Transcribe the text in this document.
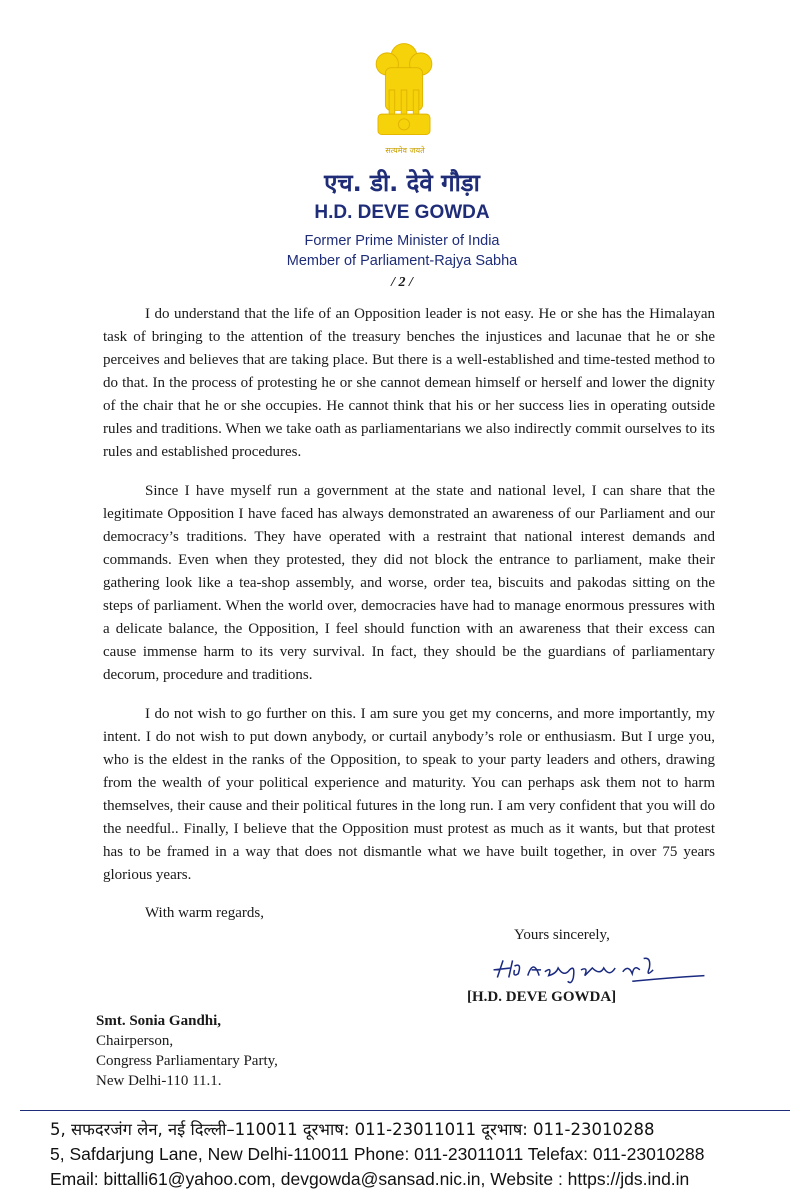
सत्यमेव जयते
एच. डी. देवे गौड़ा
H.D. DEVE GOWDA
Former Prime Minister of India
Member of Parliament-Rajya Sabha
/ 2 /

I do understand that the life of an Opposition leader is not easy. He or she has the Himalayan task of bringing to the attention of the treasury benches the injustices and lacunae that he or she perceives and believes that are taking place. But there is a well-established and time-tested method to do that. In the process of protesting he or she cannot demean himself or herself and lower the dignity of the chair that he or she occupies. He cannot think that his or her success lies in operating outside rules and traditions. When we take oath as parliamentarians we also indirectly commit ourselves to its rules and established procedures.

Since I have myself run a government at the state and national level, I can share that the legitimate Opposition I have faced has always demonstrated an awareness of our Parliament and our democracy’s traditions. They have operated with a restraint that national interest demands and commands. Even when they protested, they did not block the entrance to parliament, make their gathering look like a tea-shop assembly, and worse, order tea, biscuits and pakodas sitting on the steps of parliament. When the world over, democracies have had to manage enormous pressures with a delicate balance, the Opposition, I feel should function with an awareness that their excess can cause immense harm to its very survival. In fact, they should be the guardians of parliamentary decorum, procedure and traditions.

I do not wish to go further on this. I am sure you get my concerns, and more importantly, my intent. I do not wish to put down anybody, or curtail anybody’s role or enthusiasm. But I urge you, who is the eldest in the ranks of the Opposition, to speak to your party leaders and others, drawing from the wealth of your political experience and maturity. You can perhaps ask them not to harm themselves, their cause and their political futures in the long run. I am very confident that you will do the needful.. Finally, I believe that the Opposition must protest as much as it wants, but that protest has to be framed in a way that does not dismantle what we have built together, in over 75 years glorious years.

With warm regards,
Yours sincerely,
[H.D. DEVE GOWDA]
Smt. Sonia Gandhi,
Chairperson,
Congress Parliamentary Party,
New Delhi-110 11.1.
5, सफदरजंग लेन, नई दिल्ली–110011 दूरभाष: 011-23011011 दूरभाष: 011-23010288
5, Safdarjung Lane, New Delhi-110011 Phone: 011-23011011 Telefax: 011-23010288
Email: bittalli61@yahoo.com, devgowda@sansad.nic.in, Website : https://jds.ind.in
